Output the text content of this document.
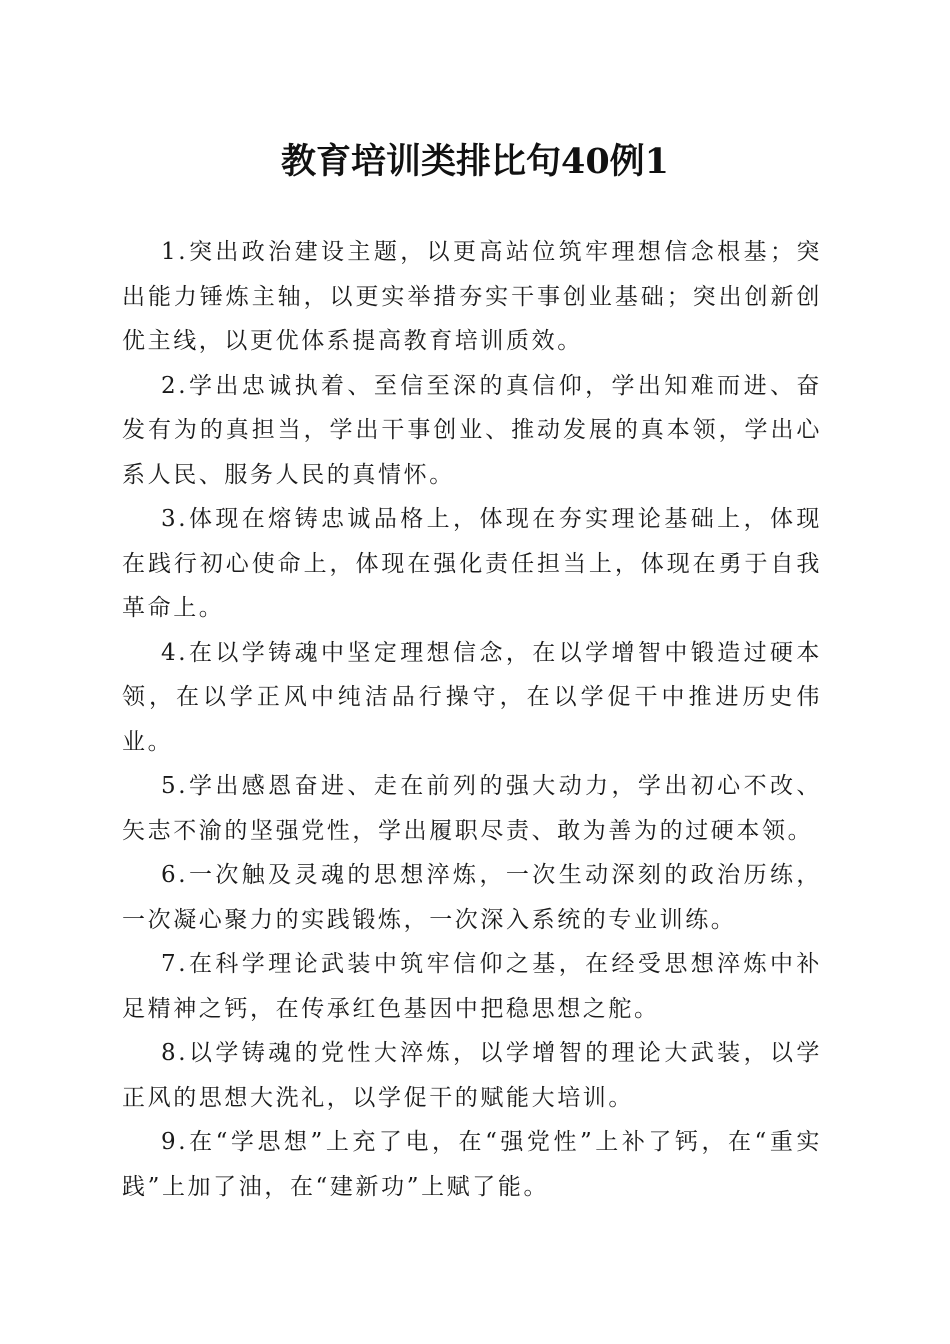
教育培训类排比句40例1

1.突出政治建设主题，以更高站位筑牢理想信念根基；突出能力锤炼主轴，以更实举措夯实干事创业基础；突出创新创优主线，以更优体系提高教育培训质效。

2.学出忠诚执着、至信至深的真信仰，学出知难而进、奋发有为的真担当，学出干事创业、推动发展的真本领，学出心系人民、服务人民的真情怀。

3.体现在熔铸忠诚品格上，体现在夯实理论基础上，体现在践行初心使命上，体现在强化责任担当上，体现在勇于自我革命上。

4.在以学铸魂中坚定理想信念，在以学增智中锻造过硬本领，在以学正风中纯洁品行操守，在以学促干中推进历史伟业。

5.学出感恩奋进、走在前列的强大动力，学出初心不改、矢志不渝的坚强党性，学出履职尽责、敢为善为的过硬本领。

6.一次触及灵魂的思想淬炼，一次生动深刻的政治历练，一次凝心聚力的实践锻炼，一次深入系统的专业训练。

7.在科学理论武装中筑牢信仰之基，在经受思想淬炼中补足精神之钙，在传承红色基因中把稳思想之舵。

8.以学铸魂的党性大淬炼，以学增智的理论大武装，以学正风的思想大洗礼，以学促干的赋能大培训。

9.在“学思想”上充了电，在“强党性”上补了钙，在“重实践”上加了油，在“建新功”上赋了能。
